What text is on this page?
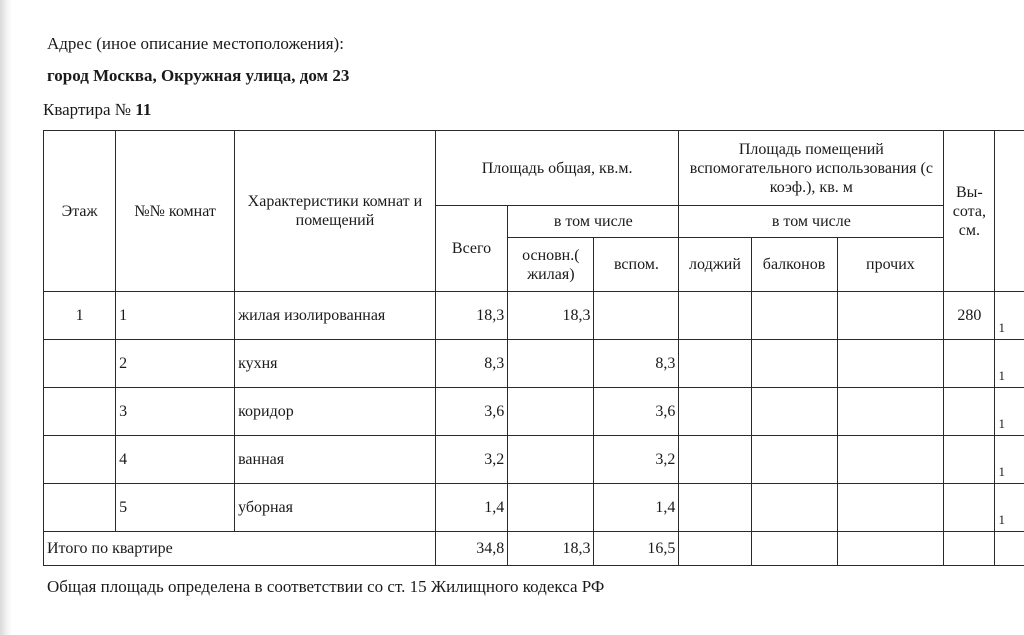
Адрес (иное описание местоположения):
город Москва, Окружная улица, дом 23
Квартира № 11
Этаж	№№ комнат	Характеристики комнат и помещений	Площадь общая, кв.м.			Площадь помещений вспомогательного использования (с коэф.), кв. м			Вы-сота, см.	
			Всего	в том числе		в том числе				
				основн.( жилая)	вспом.	лоджий	балконов	прочих		
1	1	жилая изолированная	18,3	18,3					280	1

	2	кухня	8,3		8,3					1

	3	коридор	3,6		3,6					1

	4	ванная	3,2		3,2					1

	5	уборная	1,4		1,4					1

Итого по квартире			34,8	18,3	16,5					
Общая площадь определена в соответствии со ст. 15 Жилищного кодекса РФ
